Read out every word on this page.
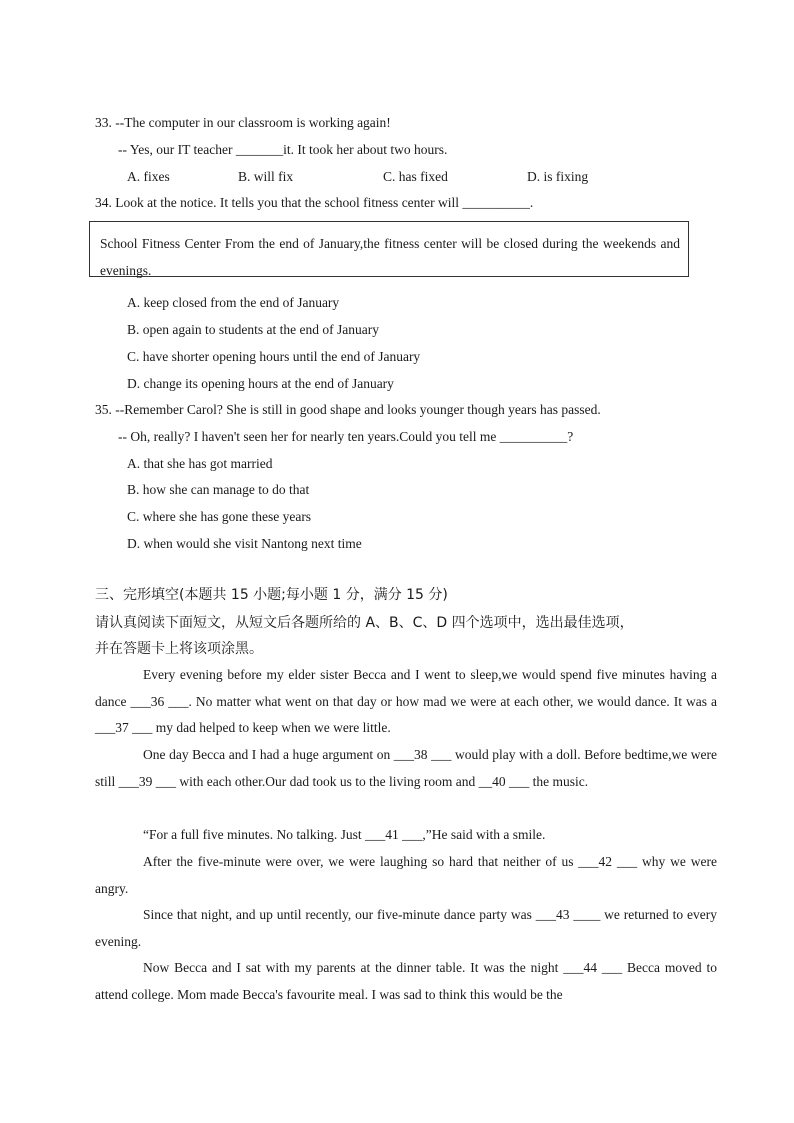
33. --The computer in our classroom is working again!
-- Yes, our IT teacher _______it. It took her about two hours.
A. fixes	B. will fix	C. has fixed	D. is fixing
34. Look at the notice. It tells you that the school fitness center will __________.
School Fitness Center From the end of January,the fitness center will be closed during the weekends and evenings.
A. keep closed from the end of January
B. open again to students at the end of January
C. have shorter opening hours until the end of January
D. change its opening hours at the end of January
35. --Remember Carol? She is still in good shape and looks younger though years has passed.
-- Oh, really? I haven't seen her for nearly ten years.Could you tell me __________?
A. that she has got married
B. how she can manage to do that
C. where she has gone these years
D. when would she visit Nantong next time
三、完形填空(本题共 15 小题;每小题 1 分，满分 15 分)
请认真阅读下面短文，从短文后各题所给的 A、B、C、D 四个选项中，选出最佳选项，
并在答题卡上将该项涂黑。
Every evening before my elder sister Becca and I went to sleep,we would spend five minutes having a dance ___36 ___. No matter what went on that day or how mad we were at each other, we would dance. It was a ___37 ___ my dad helped to keep when we were little.
One day Becca and I had a huge argument on ___38 ___ would play with a doll. Before bedtime,we were still ___39 ___ with each other.Our dad took us to the living room and __40 ___ the music.
“For a full five minutes. No talking. Just ___41 ___,”He said with a smile.
After the five-minute were over, we were laughing so hard that neither of us ___42 ___ why we were angry.
Since that night, and up until recently, our five-minute dance party was ___43 ____ we returned to every evening.
Now Becca and I sat with my parents at the dinner table. It was the night ___44 ___ Becca moved to attend college. Mom made Becca's favourite meal. I was sad to think this would be the
